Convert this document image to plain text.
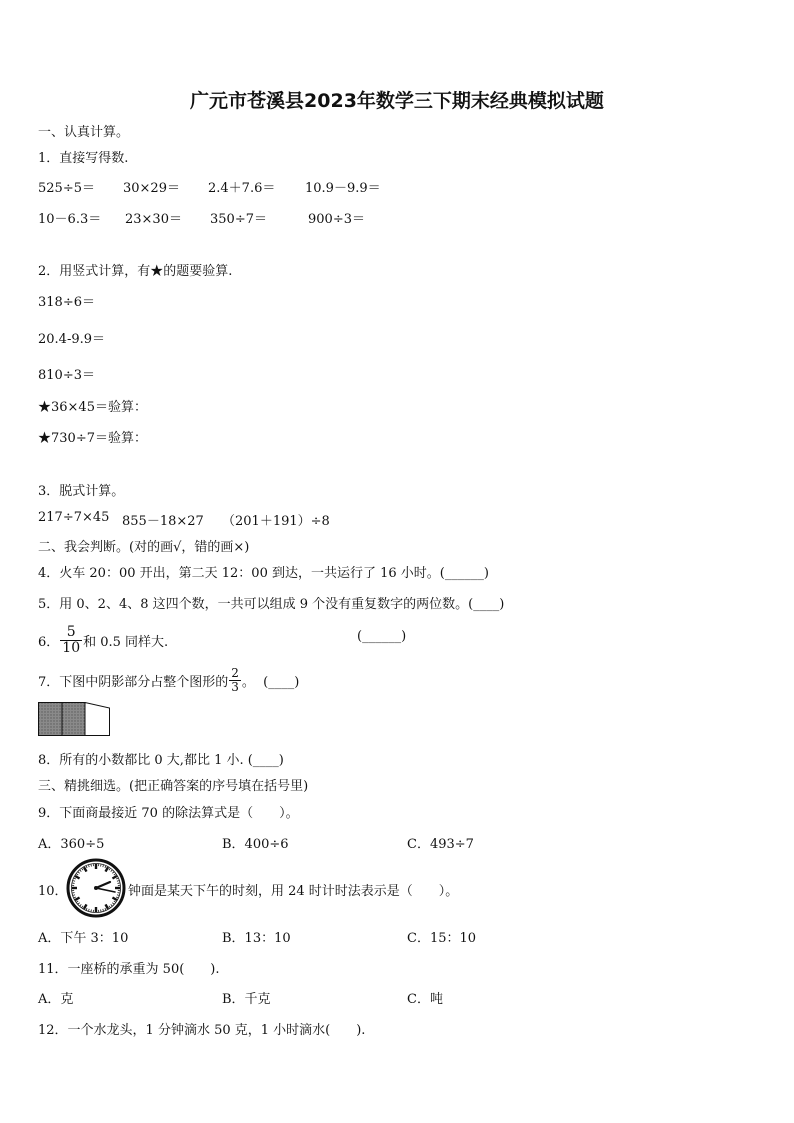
广元市苍溪县2023年数学三下期末经典模拟试题
一、认真计算。
1．直接写得数.
525÷5＝ 30×29＝ 2.4＋7.6＝ 10.9－9.9＝
10－6.3＝ 23×30＝ 350÷7＝	900÷3＝
2．用竖式计算，有★的题要验算.
318÷6＝
20.4-9.9＝
810÷3＝
★36×45＝验算：
★730÷7＝验算：
3．脱式计算。
217÷7×45 855－18×27 （201＋191）÷8
二、我会判断。(对的画√，错的画×)
4．火车 20：00 开出，第二天 12：00 到达，一共运行了 16 小时。(______)
5．用 0、2、4、8 这四个数，一共可以组成 9 个没有重复数字的两位数。(____)
6． $\frac{5}{10}$ 和 0.5 同样大.	(______)
7．下图中阴影部分占整个图形的 $\frac{2}{3}$ 。  (____)
8．所有的小数都比 0 大,都比 1 小. (____)
三、精挑细选。(把正确答案的序号填在括号里)
9．下面商最接近 70 的除法算式是（　　）。
A．360÷5	B．400÷6	C．493÷7
10．	钟面是某天下午的时刻，用 24 时计时法表示是（　　）。
A．下午 3：10	B．13：10	C．15：10
11．一座桥的承重为 50(　　).
A．克	B．千克	C．吨
12．一个水龙头，1 分钟滴水 50 克，1 小时滴水(　　).
